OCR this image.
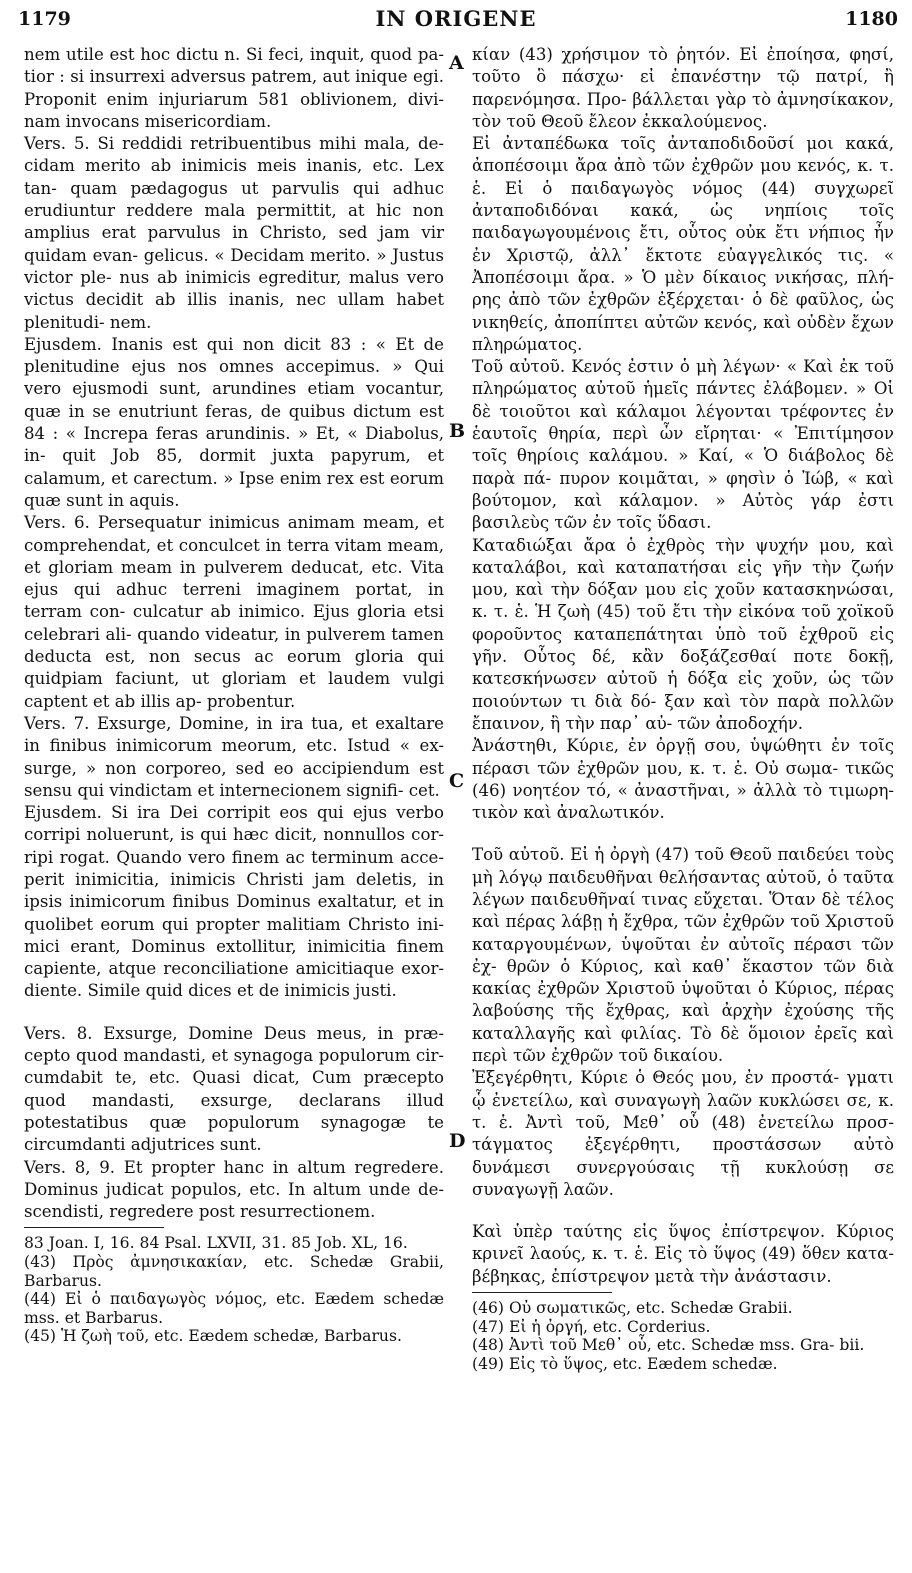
1179	IN ORIGENE	1180
A
B
C
D

nem utile est hoc dictu n. Si feci, inquit, quod pa- tior : si insurrexi adversus patrem, aut inique egi. Proponit enim injuriarum 581 oblivionem, divi- nam invocans misericordiam.

Vers. 5. Si reddidi retribuentibus mihi mala, de- cidam merito ab inimicis meis inanis, etc. Lex tan- quam pædagogus ut parvulis qui adhuc erudiuntur reddere mala permittit, at hic non amplius erat parvulus in Christo, sed jam vir quidam evan- gelicus. « Decidam merito. » Justus victor ple- nus ab inimicis egreditur, malus vero victus decidit ab illis inanis, nec ullam habet plenitudi- nem.

Ejusdem. Inanis est qui non dicit 83 : « Et de plenitudine ejus nos omnes accepimus. » Qui vero ejusmodi sunt, arundines etiam vocantur, quæ in se enutriunt feras, de quibus dictum est 84 : « Increpa feras arundinis. » Et, « Diabolus, in- quit Job 85, dormit juxta papyrum, et calamum, et carectum. » Ipse enim rex est eorum quæ sunt in aquis.

Vers. 6. Persequatur inimicus animam meam, et comprehendat, et conculcet in terra vitam meam, et gloriam meam in pulverem deducat, etc. Vita ejus qui adhuc terreni imaginem portat, in terram con- culcatur ab inimico. Ejus gloria etsi celebrari ali- quando videatur, in pulverem tamen deducta est, non secus ac eorum gloria qui quidpiam faciunt, ut gloriam et laudem vulgi captent et ab illis ap- probentur.

Vers. 7. Exsurge, Domine, in ira tua, et exaltare in finibus inimicorum meorum, etc. Istud « ex- surge, » non corporeo, sed eo accipiendum est sensu qui vindictam et internecionem signifi- cet.

Ejusdem. Si ira Dei corripit eos qui ejus verbo corripi noluerunt, is qui hæc dicit, nonnullos cor- ripi rogat. Quando vero finem ac terminum acce- perit inimicitia, inimicis Christi jam deletis, in ipsis inimicorum finibus Dominus exaltatur, et in quolibet eorum qui propter malitiam Christo ini- mici erant, Dominus extollitur, inimicitia finem capiente, atque reconciliatione amicitiaque exor- diente. Simile quid dices et de inimicis justi.

Vers. 8. Exsurge, Domine Deus meus, in præ- cepto quod mandasti, et synagoga populorum cir- cumdabit te, etc. Quasi dicat, Cum præcepto quod mandasti, exsurge, declarans illud potestatibus quæ populorum synagogæ te circumdanti adjutrices sunt.

Vers. 8, 9. Et propter hanc in altum regredere. Dominus judicat populos, etc. In altum unde de- scendisti, regredere post resurrectionem.

83 Joan. I, 16. 84 Psal. LXVII, 31. 85 Job. XL, 16.

(43) Πρὸς ἀμνησικακίαν, etc. Schedæ Grabii, Barbarus.

(44) Εἰ ὁ παιδαγωγὸς νόμος, etc. Eædem schedæ mss. et Barbarus.

(45) Ἡ ζωὴ τοῦ, etc. Eædem schedæ, Barbarus.

κίαν (43) χρήσιμον τὸ ῥητόν. Εἰ ἐποίησα, φησί, τοῦτο ὃ πάσχω· εἰ ἐπανέστην τῷ πατρί, ἢ παρενόμησα. Προ- βάλλεται γὰρ τὸ ἀμνησίκακον, τὸν τοῦ Θεοῦ ἔλεον ἐκκαλούμενος.

Εἰ ἀνταπέδωκα τοῖς ἀνταποδιδοῦσί μοι κακά, ἀποπέσοιμι ἄρα ἀπὸ τῶν ἐχθρῶν μου κενός, κ. τ. ἑ. Εἰ ὁ παιδαγωγὸς νόμος (44) συγχωρεῖ ἀνταποδιδόναι κακά, ὡς νηπίοις τοῖς παιδαγωγουμένοις ἔτι, οὗτος οὐκ ἔτι νήπιος ἦν ἐν Χριστῷ, ἀλλ᾽ ἔκτοτε εὐαγγελικός τις. « Ἀποπέσοιμι ἄρα. » Ὁ μὲν δίκαιος νικήσας, πλή- ρης ἀπὸ τῶν ἐχθρῶν ἐξέρχεται· ὁ δὲ φαῦλος, ὡς νικηθείς, ἀποπίπτει αὐτῶν κενός, καὶ οὐδὲν ἔχων πληρώματος.

Τοῦ αὐτοῦ. Κενός ἐστιν ὁ μὴ λέγων· « Καὶ ἐκ τοῦ πληρώματος αὐτοῦ ἡμεῖς πάντες ἐλάβομεν. » Οἱ δὲ τοιοῦτοι καὶ κάλαμοι λέγονται τρέφοντες ἐν ἑαυτοῖς θηρία, περὶ ὧν εἴρηται· « Ἐπιτίμησον τοῖς θηρίοις καλάμου. » Καί, « Ὁ διάβολος δὲ παρὰ πά- πυρον κοιμᾶται, » φησὶν ὁ Ἰώβ, « καὶ βούτομον, καὶ κάλαμον. » Αὐτὸς γάρ ἐστι βασιλεὺς τῶν ἐν τοῖς ὕδασι.

Καταδιώξαι ἄρα ὁ ἐχθρὸς τὴν ψυχήν μου, καὶ καταλάβοι, καὶ καταπατήσαι εἰς γῆν τὴν ζωήν μου, καὶ τὴν δόξαν μου εἰς χοῦν κατασκηνώσαι, κ. τ. ἑ. Ἡ ζωὴ (45) τοῦ ἔτι τὴν εἰκόνα τοῦ χοϊκοῦ φοροῦντος καταπεπάτηται ὑπὸ τοῦ ἐχθροῦ εἰς γῆν. Οὗτος δέ, κἂν δοξάζεσθαί ποτε δοκῇ, κατεσκήνωσεν αὐτοῦ ἡ δόξα εἰς χοῦν, ὡς τῶν ποιούντων τι διὰ δό- ξαν καὶ τὸν παρὰ πολλῶν ἔπαινον, ἢ τὴν παρ᾽ αὐ- τῶν ἀποδοχήν.

Ἀνάστηθι, Κύριε, ἐν ὀργῇ σου, ὑψώθητι ἐν τοῖς πέρασι τῶν ἐχθρῶν μου, κ. τ. ἑ. Οὐ σωμα- τικῶς (46) νοητέον τό, « ἀναστῆναι, » ἀλλὰ τὸ τιμωρη- τικὸν καὶ ἀναλωτικόν.

Τοῦ αὐτοῦ. Εἰ ἡ ὀργὴ (47) τοῦ Θεοῦ παιδεύει τοὺς μὴ λόγῳ παιδευθῆναι θελήσαντας αὐτοῦ, ὁ ταῦτα λέγων παιδευθῆναί τινας εὔχεται. Ὅταν δὲ τέλος καὶ πέρας λάβῃ ἡ ἔχθρα, τῶν ἐχθρῶν τοῦ Χριστοῦ καταργουμένων, ὑψοῦται ἐν αὐτοῖς πέρασι τῶν ἐχ- θρῶν ὁ Κύριος, καὶ καθ᾽ ἕκαστον τῶν διὰ κακίας ἐχθρῶν Χριστοῦ ὑψοῦται ὁ Κύριος, πέρας λαβούσης τῆς ἔχθρας, καὶ ἀρχὴν ἐχούσης τῆς καταλλαγῆς καὶ φιλίας. Τὸ δὲ ὅμοιον ἐρεῖς καὶ περὶ τῶν ἐχθρῶν τοῦ δικαίου.

Ἐξεγέρθητι, Κύριε ὁ Θεός μου, ἐν προστά- γματι ᾧ ἐνετείλω, καὶ συναγωγὴ λαῶν κυκλώσει σε, κ. τ. ἑ. Ἀντὶ τοῦ, Μεθ᾽ οὗ (48) ἐνετείλω προσ- τάγματος ἐξεγέρθητι, προστάσσων αὐτὸ δυνάμεσι συνεργούσαις τῇ κυκλούσῃ σε συναγωγῇ λαῶν.

Καὶ ὑπὲρ ταύτης εἰς ὕψος ἐπίστρεψον. Κύριος κρινεῖ λαούς, κ. τ. ἑ. Εἰς τὸ ὕψος (49) ὅθεν κατα- βέβηκας, ἐπίστρεψον μετὰ τὴν ἀνάστασιν.

(46) Οὐ σωματικῶς, etc. Schedæ Grabii.

(47) Εἰ ἡ ὀργή, etc. Corderius.

(48) Ἀντὶ τοῦ Μεθ᾽ οὗ, etc. Schedæ mss. Gra- bii.

(49) Εἰς τὸ ὕψος, etc. Eædem schedæ.
